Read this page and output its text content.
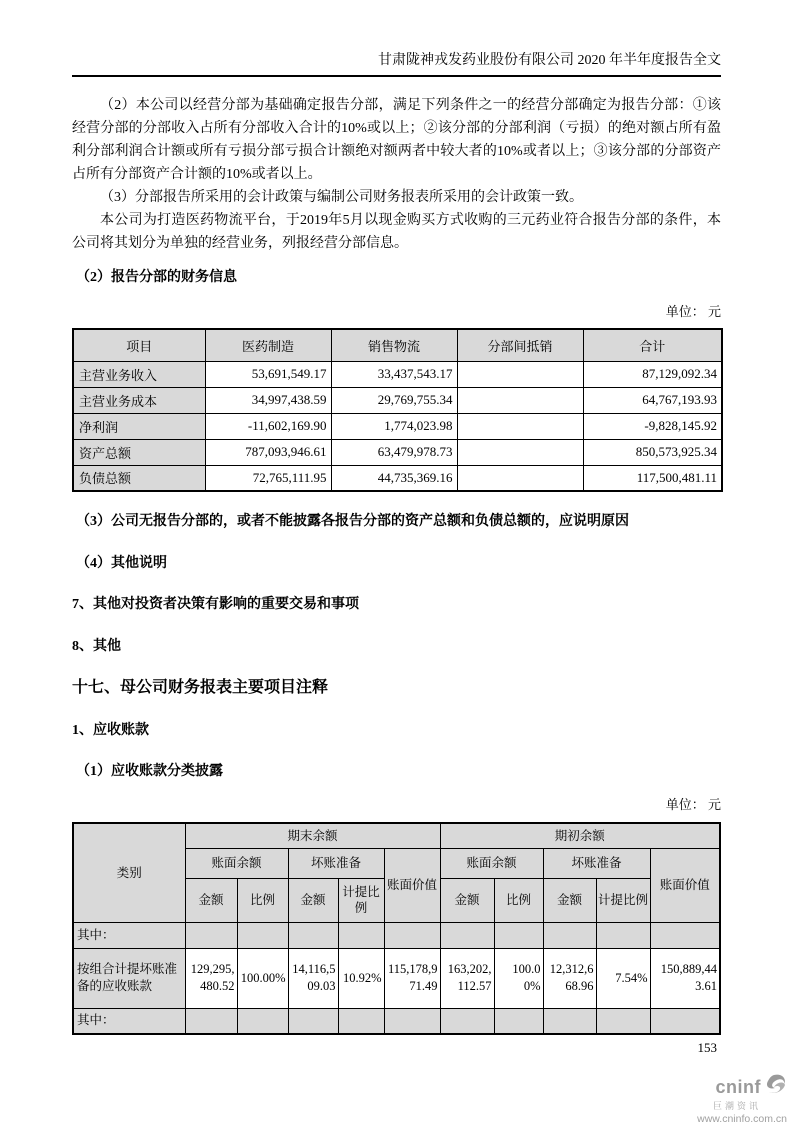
甘肃陇神戎发药业股份有限公司 2020 年半年度报告全文

（2）本公司以经营分部为基础确定报告分部，满足下列条件之一的经营分部确定为报告分部：①该经营分部的分部收入占所有分部收入合计的10%或以上；②该分部的分部利润（亏损）的绝对额占所有盈利分部利润合计额或所有亏损分部亏损合计额绝对额两者中较大者的10%或者以上；③该分部的分部资产占所有分部资产合计额的10%或者以上。

（3）分部报告所采用的会计政策与编制公司财务报表所采用的会计政策一致。

本公司为打造医药物流平台，于2019年5月以现金购买方式收购的三元药业符合报告分部的条件，本公司将其划分为单独的经营业务，列报经营分部信息。

（2）报告分部的财务信息
单位： 元
项目	医药制造	销售物流	分部间抵销	合计
主营业务收入	53,691,549.17	33,437,543.17		87,129,092.34
主营业务成本	34,997,438.59	29,769,755.34		64,767,193.93
净利润	-11,602,169.90	1,774,023.98		-9,828,145.92
资产总额	787,093,946.61	63,479,978.73		850,573,925.34
负债总额	72,765,111.95	44,735,369.16		117,500,481.11
（3）公司无报告分部的，或者不能披露各报告分部的资产总额和负债总额的，应说明原因
（4）其他说明
7、其他对投资者决策有影响的重要交易和事项
8、其他
十七、母公司财务报表主要项目注释
1、应收账款
（1）应收账款分类披露
单位： 元
类别	期末余额					期初余额				
	账面余额		坏账准备		账面价值	账面余额		坏账准备		账面价值
	金额	比例	金额	计提比例		金额	比例	金额	计提比例	
其中：										
按组合计提坏账准备的应收账款	129,295,480.52	100.00%	14,116,509.03	10.92%	115,178,971.49	163,202,112.57	100.00%	12,312,668.96	7.54%	150,889,443.61
其中：										
153
cninf
巨潮资讯
www.cninfo.com.cn
